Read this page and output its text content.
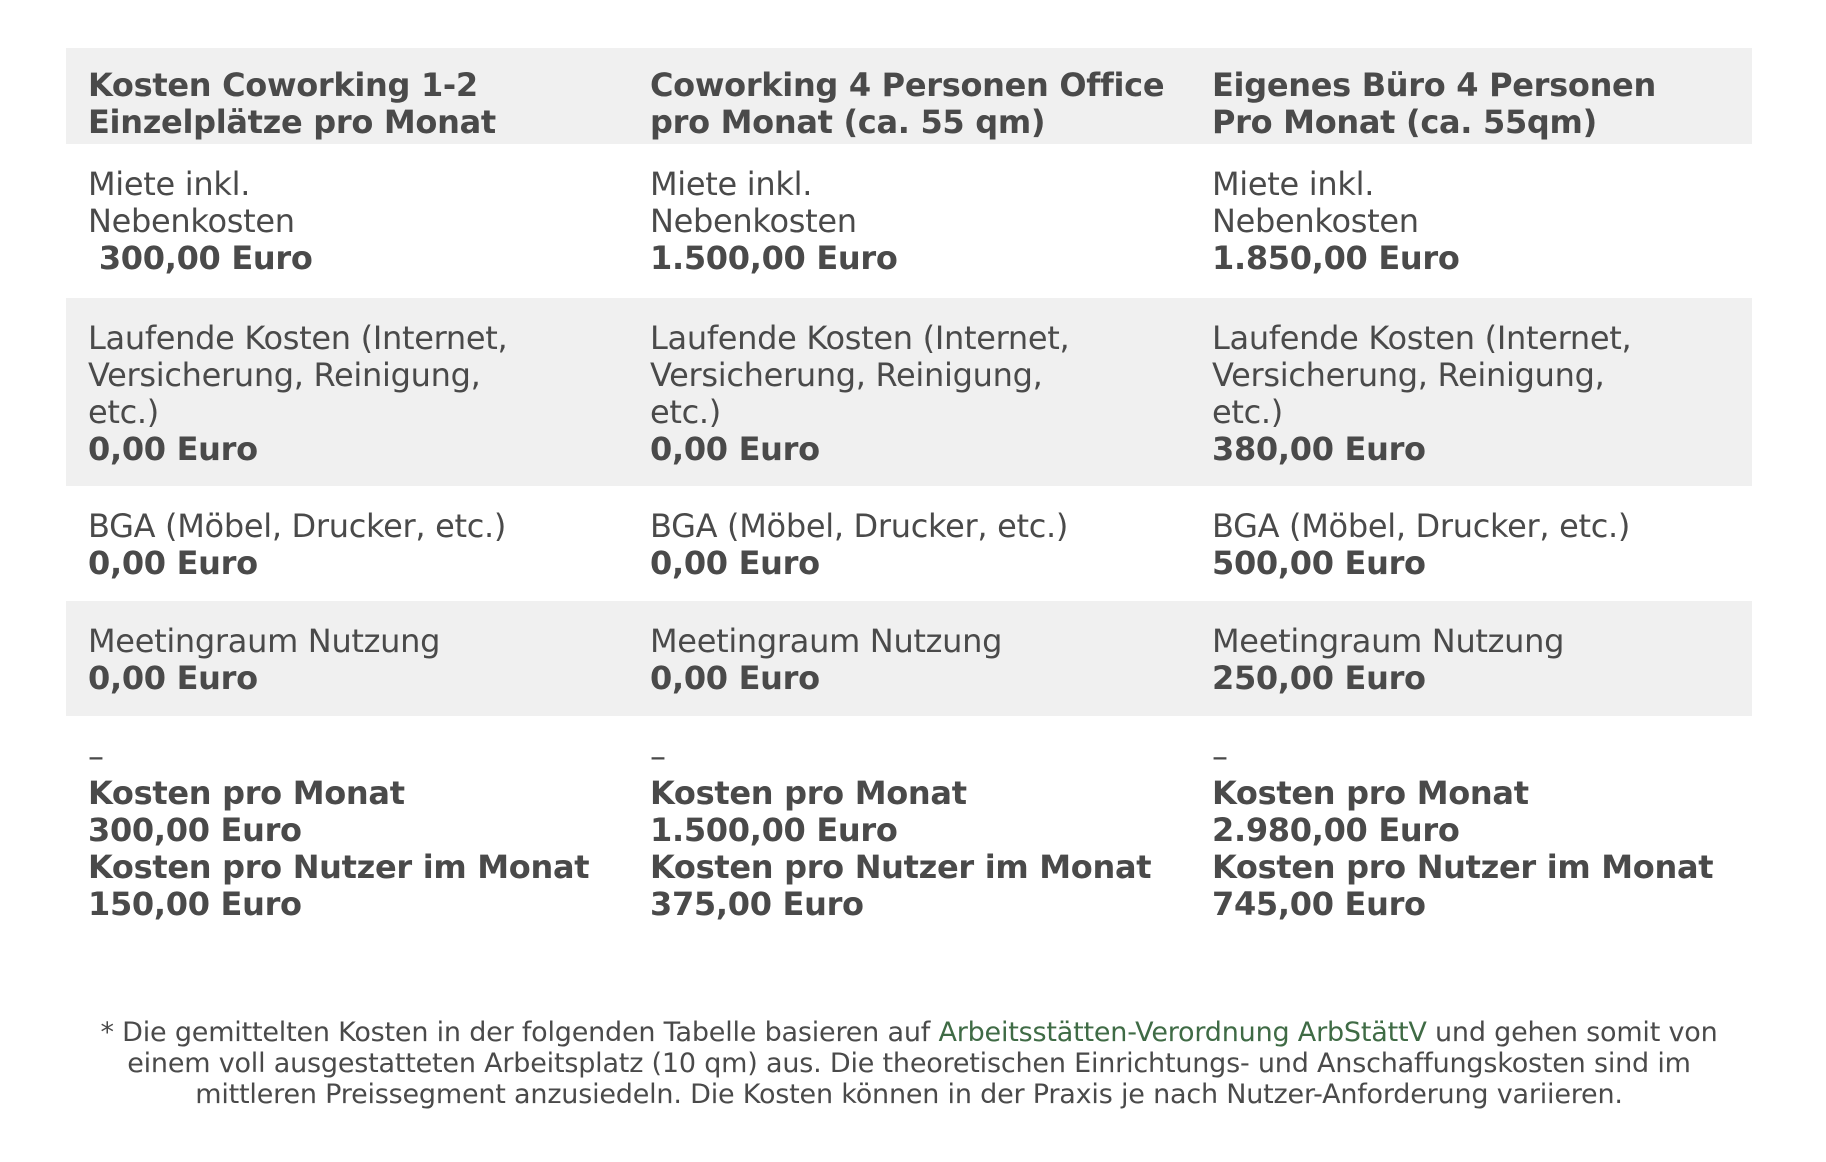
Kosten Coworking 1-2
Einzelplätze pro Monat	Coworking 4 Personen Office
pro Monat (ca. 55 qm)	Eigenes Büro 4 Personen
Pro Monat (ca. 55qm)

Miete inkl.
Nebenkosten
300,00 Euro	Miete inkl.
Nebenkosten
1.500,00 Euro	Miete inkl.
Nebenkosten
1.850,00 Euro

Laufende Kosten (Internet,
Versicherung, Reinigung,
etc.)
0,00 Euro	Laufende Kosten (Internet,
Versicherung, Reinigung,
etc.)
0,00 Euro	Laufende Kosten (Internet,
Versicherung, Reinigung,
etc.)
380,00 Euro

BGA (Möbel, Drucker, etc.)
0,00 Euro	BGA (Möbel, Drucker, etc.)
0,00 Euro	BGA (Möbel, Drucker, etc.)
500,00 Euro

Meetingraum Nutzung
0,00 Euro	Meetingraum Nutzung
0,00 Euro	Meetingraum Nutzung
250,00 Euro

–
Kosten pro Monat
300,00 Euro
Kosten pro Nutzer im Monat
150,00 Euro	–
Kosten pro Monat
1.500,00 Euro
Kosten pro Nutzer im Monat
375,00 Euro	–
Kosten pro Monat
2.980,00 Euro
Kosten pro Nutzer im Monat
745,00 Euro

* Die gemittelten Kosten in der folgenden Tabelle basieren auf Arbeitsstätten-Verordnung ArbStättV und gehen somit von einem voll ausgestatteten Arbeitsplatz (10 qm) aus. Die theoretischen Einrichtungs- und Anschaffungskosten sind im mittleren Preissegment anzusiedeln. Die Kosten können in der Praxis je nach Nutzer-Anforderung variieren.
